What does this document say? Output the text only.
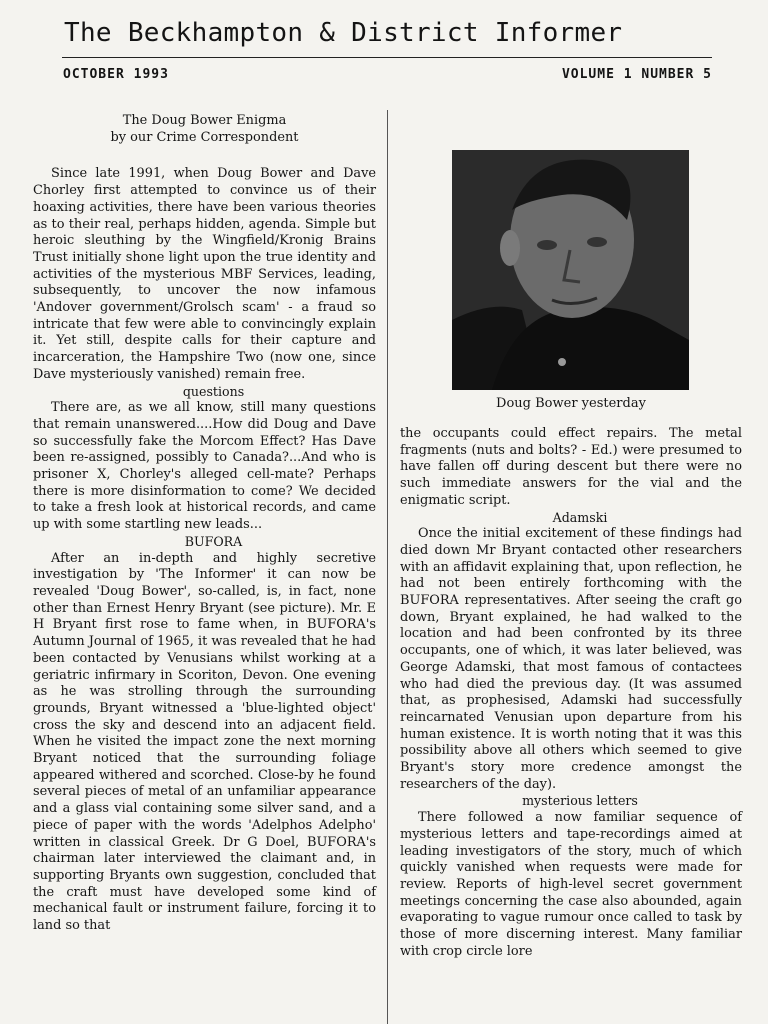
The Beckhampton & District Informer
OCTOBER 1993	VOLUME 1 NUMBER 5

The Doug Bower Enigma

by our Crime Correspondent

Since late 1991, when Doug Bower and Dave Chorley first attempted to convince us of their hoaxing activities, there have been various theories as to their real, perhaps hidden, agenda. Simple but heroic sleuthing by the Wingfield/Kronig Brains Trust initially shone light upon the true identity and activities of the mysterious MBF Services, leading, subsequently, to uncover the now infamous 'Andover government/Grolsch scam' - a fraud so intricate that few were able to convincingly explain it. Yet still, despite calls for their capture and incarceration, the Hampshire Two (now one, since Dave mysteriously vanished) remain free.

questions

There are, as we all know, still many questions that remain unanswered....How did Doug and Dave so successfully fake the Morcom Effect? Has Dave been re-assigned, possibly to Canada?...And who is prisoner X, Chorley's alleged cell-mate? Perhaps there is more disinformation to come? We decided to take a fresh look at historical records, and came up with some startling new leads...

BUFORA

After an in-depth and highly secretive investigation by 'The Informer' it can now be revealed 'Doug Bower', so-called, is, in fact, none other than Ernest Henry Bryant (see picture). Mr. E H Bryant first rose to fame when, in BUFORA's Autumn Journal of 1965, it was revealed that he had been contacted by Venusians whilst working at a geriatric infirmary in Scoriton, Devon. One evening as he was strolling through the surrounding grounds, Bryant witnessed a 'blue-lighted object' cross the sky and descend into an adjacent field. When he visited the impact zone the next morning Bryant noticed that the surrounding foliage appeared withered and scorched. Close-by he found several pieces of metal of an unfamiliar appearance and a glass vial containing some silver sand, and a piece of paper with the words 'Adelphos Adelpho' written in classical Greek. Dr G Doel, BUFORA's chairman later interviewed the claimant and, in supporting Bryants own suggestion, concluded that the craft must have developed some kind of mechanical fault or instrument failure, forcing it to land so that

Doug Bower yesterday

the occupants could effect repairs. The metal fragments (nuts and bolts? - Ed.) were presumed to have fallen off during descent but there were no such immediate answers for the vial and the enigmatic script.

Adamski

Once the initial excitement of these findings had died down Mr Bryant contacted other researchers with an affidavit explaining that, upon reflection, he had not been entirely forthcoming with the BUFORA representatives. After seeing the craft go down, Bryant explained, he had walked to the location and had been confronted by its three occupants, one of which, it was later believed, was George Adamski, that most famous of contactees who had died the previous day. (It was assumed that, as prophesised, Adamski had successfully reincarnated Venusian upon departure from his human existence. It is worth noting that it was this possibility above all others which seemed to give Bryant's story more credence amongst the researchers of the day).

mysterious letters

There followed a now familiar sequence of mysterious letters and tape-recordings aimed at leading investigators of the story, much of which quickly vanished when requests were made for review. Reports of high-level secret government meetings concerning the case also abounded, again evaporating to vague rumour once called to task by those of more discerning interest. Many familiar with crop circle lore
